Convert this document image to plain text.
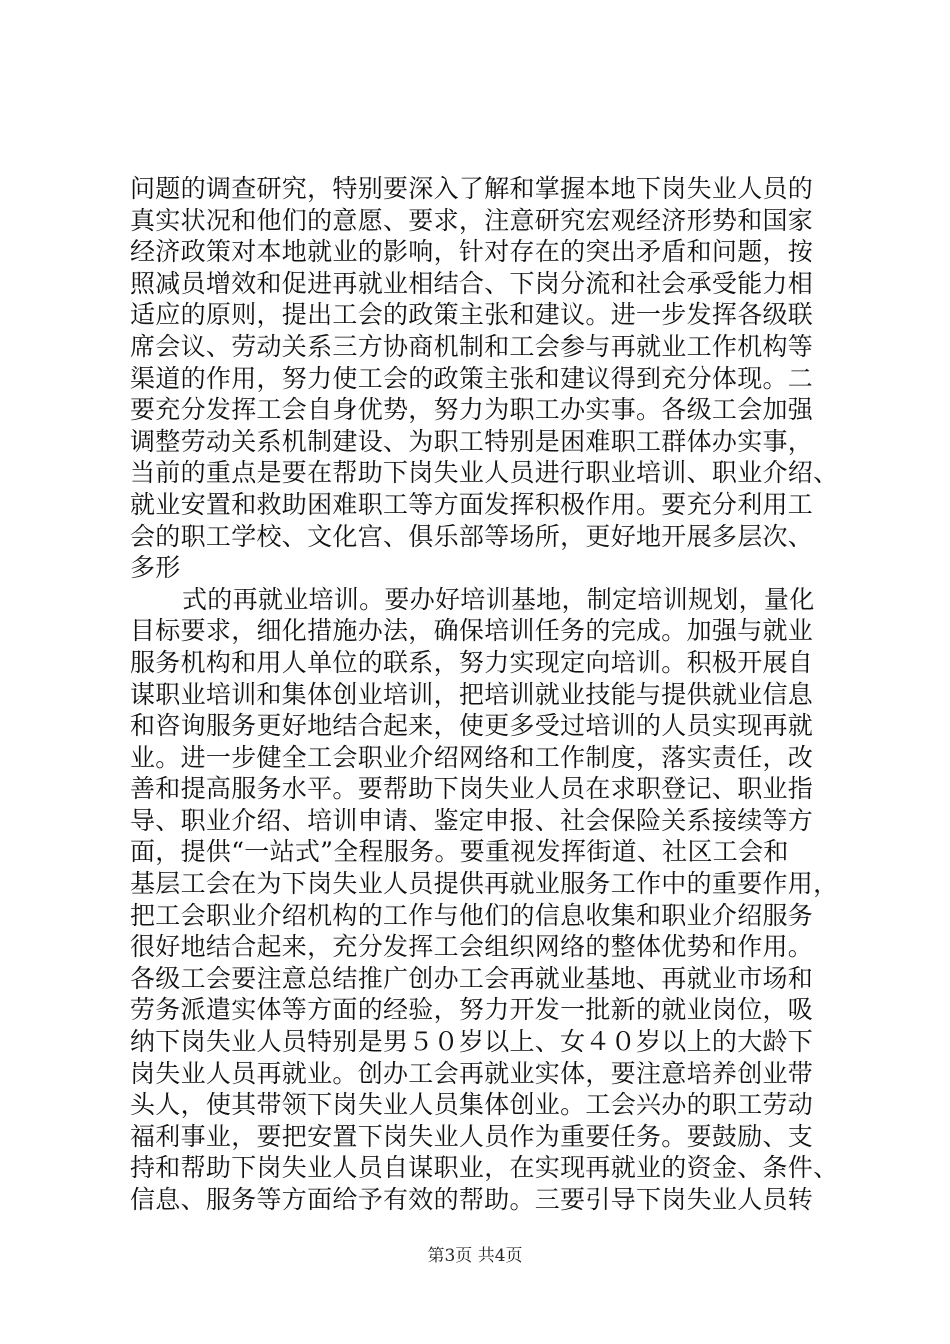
问题的调查研究，特别要深入了解和掌握本地下岗失业人员的
真实状况和他们的意愿、要求，注意研究宏观经济形势和国家
经济政策对本地就业的影响，针对存在的突出矛盾和问题，按
照减员增效和促进再就业相结合、下岗分流和社会承受能力相
适应的原则，提出工会的政策主张和建议。进一步发挥各级联
席会议、劳动关系三方协商机制和工会参与再就业工作机构等
渠道的作用，努力使工会的政策主张和建议得到充分体现。二
要充分发挥工会自身优势，努力为职工办实事。各级工会加强
调整劳动关系机制建设、为职工特别是困难职工群体办实事，
当前的重点是要在帮助下岗失业人员进行职业培训、职业介绍、
就业安置和救助困难职工等方面发挥积极作用。要充分利用工
会的职工学校、文化宫、俱乐部等场所，更好地开展多层次、
多形
式的再就业培训。要办好培训基地，制定培训规划，量化
目标要求，细化措施办法，确保培训任务的完成。加强与就业
服务机构和用人单位的联系，努力实现定向培训。积极开展自
谋职业培训和集体创业培训，把培训就业技能与提供就业信息
和咨询服务更好地结合起来，使更多受过培训的人员实现再就
业。进一步健全工会职业介绍网络和工作制度，落实责任，改
善和提高服务水平。要帮助下岗失业人员在求职登记、职业指
导、职业介绍、培训申请、鉴定申报、社会保险关系接续等方
面，提供“一站式”全程服务。要重视发挥街道、社区工会和
基层工会在为下岗失业人员提供再就业服务工作中的重要作用，
把工会职业介绍机构的工作与他们的信息收集和职业介绍服务
很好地结合起来，充分发挥工会组织网络的整体优势和作用。
各级工会要注意总结推广创办工会再就业基地、再就业市场和
劳务派遣实体等方面的经验，努力开发一批新的就业岗位，吸
纳下岗失业人员特别是男５０岁以上、女４０岁以上的大龄下
岗失业人员再就业。创办工会再就业实体，要注意培养创业带
头人，使其带领下岗失业人员集体创业。工会兴办的职工劳动
福利事业，要把安置下岗失业人员作为重要任务。要鼓励、支
持和帮助下岗失业人员自谋职业，在实现再就业的资金、条件、
信息、服务等方面给予有效的帮助。三要引导下岗失业人员转
第3页 共4页
